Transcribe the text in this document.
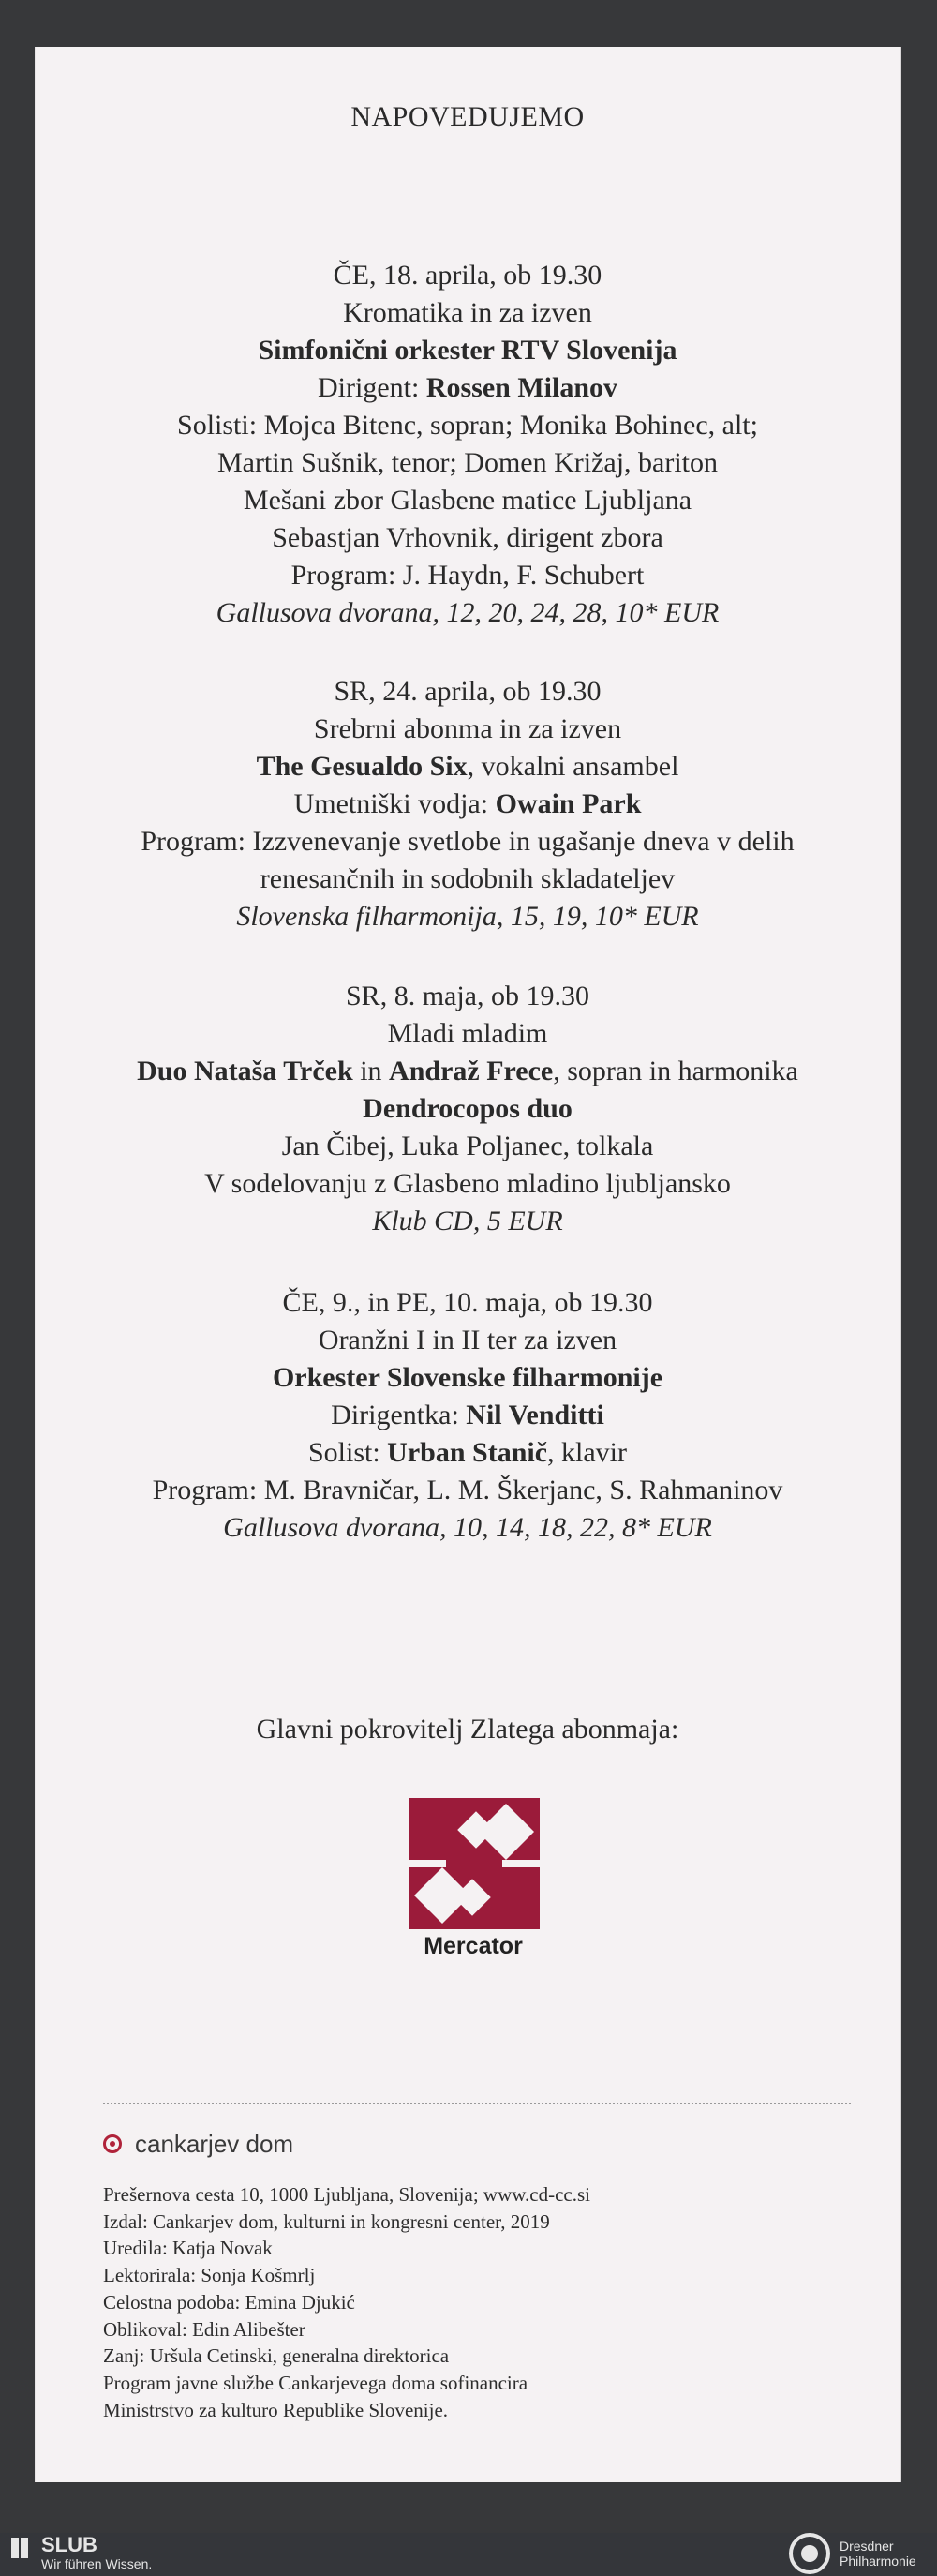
NAPOVEDUJEMO
ČE, 18. aprila, ob 19.30
Kromatika in za izven
Simfonični orkester RTV Slovenija
Dirigent: Rossen Milanov
Solisti: Mojca Bitenc, sopran; Monika Bohinec, alt;
Martin Sušnik, tenor; Domen Križaj, bariton
Mešani zbor Glasbene matice Ljubljana
Sebastjan Vrhovnik, dirigent zbora
Program: J. Haydn, F. Schubert
Gallusova dvorana, 12, 20, 24, 28, 10* EUR
SR, 24. aprila, ob 19.30
Srebrni abonma in za izven
The Gesualdo Six, vokalni ansambel
Umetniški vodja: Owain Park
Program: Izzvenevanje svetlobe in ugašanje dneva v delih
renesančnih in sodobnih skladateljev
Slovenska filharmonija, 15, 19, 10* EUR
SR, 8. maja, ob 19.30
Mladi mladim
Duo Nataša Trček in Andraž Frece, sopran in harmonika
Dendrocopos duo
Jan Čibej, Luka Poljanec, tolkala
V sodelovanju z Glasbeno mladino ljubljansko
Klub CD, 5 EUR
ČE, 9., in PE, 10. maja, ob 19.30
Oranžni I in II ter za izven
Orkester Slovenske filharmonije
Dirigentka: Nil Venditti
Solist: Urban Stanič, klavir
Program: M. Bravničar, L. M. Škerjanc, S. Rahmaninov
Gallusova dvorana, 10, 14, 18, 22, 8* EUR
Glavni pokrovitelj Zlatega abonmaja:
Mercator
cankarjev dom
Prešernova cesta 10, 1000 Ljubljana, Slovenija; www.cd-cc.si
Izdal: Cankarjev dom, kulturni in kongresni center, 2019
Uredila: Katja Novak
Lektorirala: Sonja Košmrlj
Celostna podoba: Emina Djukić
Oblikoval: Edin Alibešter
Zanj: Uršula Cetinski, generalna direktorica
Program javne službe Cankarjevega doma sofinancira
Ministrstvo za kulturo Republike Slovenije.
SLUB
Wir führen Wissen.
Dresdner
Philharmonie
